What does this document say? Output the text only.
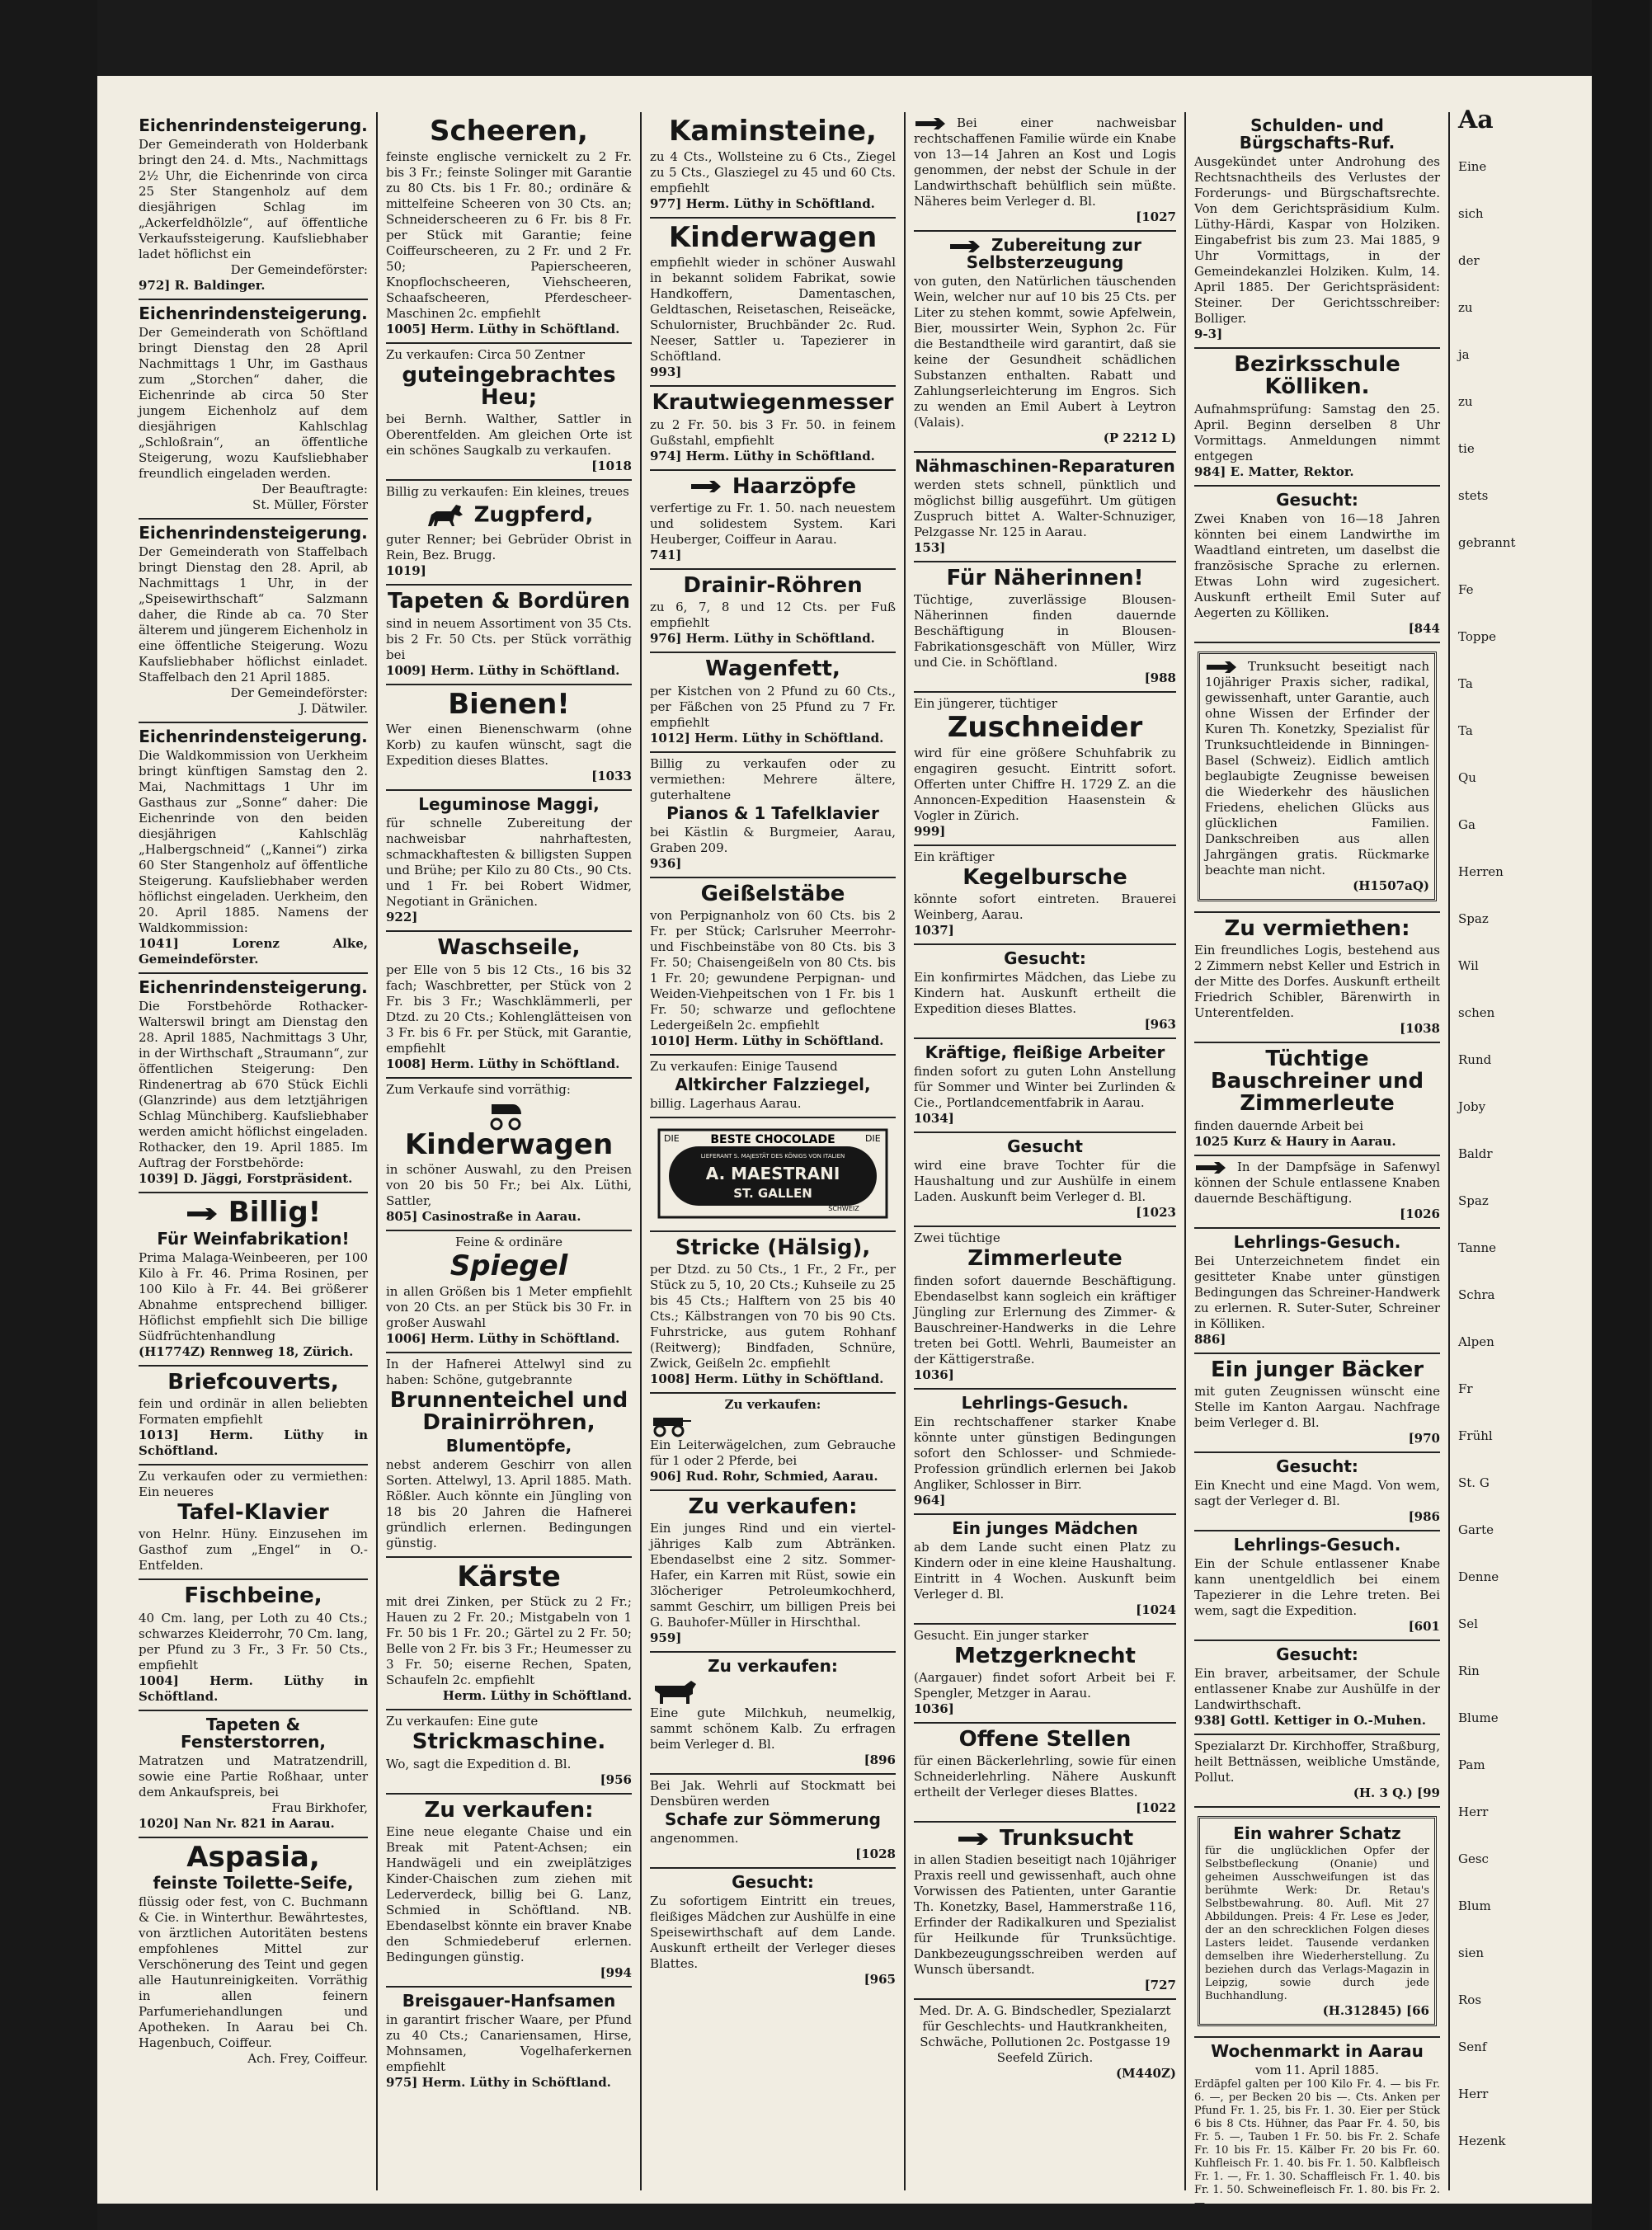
Eichenrindensteigerung.

Der Gemeinderath von Holderbank bringt den 24. d. Mts., Nachmittags 2½ Uhr, die Eichenrinde von circa 25 Ster Stangenholz auf dem diesjährigen Schlag im „Ackerfeldhölzle“, auf öffentliche Verkaufssteigerung. Kaufsliebhaber ladet höflichst ein

Der Gemeindeförster:

972] R. Baldinger.

Eichenrindensteigerung.

Der Gemeinderath von Schöftland bringt Dienstag den 28 April Nachmittags 1 Uhr, im Gasthaus zum „Storchen“ daher, die Eichenrinde ab circa 50 Ster jungem Eichenholz auf dem diesjährigen Kahlschlag „Schloßrain“, an öffentliche Steigerung, wozu Kaufsliebhaber freundlich eingeladen werden.

Der Beauftragte:

St. Müller, Förster

Eichenrindensteigerung.

Der Gemeinderath von Staffelbach bringt Dienstag den 28. April, ab Nachmittags 1 Uhr, in der „Speisewirthschaft“ Salzmann daher, die Rinde ab ca. 70 Ster älterem und jüngerem Eichenholz in eine öffentliche Steigerung. Wozu Kaufsliebhaber höflichst einladet. Staffelbach den 21 April 1885.

Der Gemeindeförster:

J. Dätwiler.

Eichenrindensteigerung.

Die Waldkommission von Uerkheim bringt künftigen Samstag den 2. Mai, Nachmittags 1 Uhr im Gasthaus zur „Sonne“ daher: Die Eichenrinde von den beiden diesjährigen Kahlschläg „Halbergschneid“ („Kannei“) zirka 60 Ster Stangenholz auf öffentliche Steigerung. Kaufsliebhaber werden höflichst eingeladen. Uerkheim, den 20. April 1885. Namens der Waldkommission:

1041] Lorenz Alke, Gemeindeförster.

Eichenrindensteigerung.

Die Forstbehörde Rothacker-Walterswil bringt am Dienstag den 28. April 1885, Nachmittags 3 Uhr, in der Wirthschaft „Straumann“, zur öffentlichen Steigerung: Den Rindenertrag ab 670 Stück Eichli (Glanzrinde) aus dem letztjährigen Schlag Münchiberg. Kaufsliebhaber werden amicht höflichst eingeladen. Rothacker, den 19. April 1885. Im Auftrag der Forstbehörde:

1039] D. Jäggi, Forstpräsident.

Billig!
Für Weinfabrikation!

Prima Malaga-Weinbeeren, per 100 Kilo à Fr. 46. Prima Rosinen, per 100 Kilo à Fr. 44. Bei größerer Abnahme entsprechend billiger. Höflichst empfiehlt sich Die billige Südfrüchtenhandlung

(H1774Z) Rennweg 18, Zürich.

Briefcouverts,

fein und ordinär in allen beliebten Formaten empfiehlt

1013] Herm. Lüthy in Schöftland.

Zu verkaufen oder zu vermiethen: Ein neueres

Tafel-Klavier

von Helnr. Hüny. Einzusehen im Gasthof zum „Engel“ in O.-Entfelden.

Fischbeine,

40 Cm. lang, per Loth zu 40 Cts.; schwarzes Kleiderrohr, 70 Cm. lang, per Pfund zu 3 Fr., 3 Fr. 50 Cts., empfiehlt

1004] Herm. Lüthy in Schöftland.

Tapeten & Fensterstorren,

Matratzen und Matratzendrill, sowie eine Partie Roßhaar, unter dem Ankaufspreis, bei

Frau Birkhofer,

1020] Nan Nr. 821 in Aarau.

Aspasia,
feinste Toilette-Seife,

flüssig oder fest, von C. Buchmann & Cie. in Winterthur. Bewährtestes, von ärztlichen Autoritäten bestens empfohlenes Mittel zur Verschönerung des Teint und gegen alle Hautunreinigkeiten. Vorräthig in allen feinern Parfumeriehandlungen und Apotheken. In Aarau bei Ch. Hagenbuch, Coiffeur.

Ach. Frey, Coiffeur.

Scheeren,

feinste englische vernickelt zu 2 Fr. bis 3 Fr.; feinste Solinger mit Garantie zu 80 Cts. bis 1 Fr. 80.; ordinäre & mittelfeine Scheeren von 30 Cts. an; Schneiderscheeren zu 6 Fr. bis 8 Fr. per Stück mit Garantie; feine Coiffeurscheeren, zu 2 Fr. und 2 Fr. 50; Papierscheeren, Knopflochscheeren, Viehscheeren, Schaafscheeren, Pferdescheer-Maschinen 2c. empfiehlt

1005] Herm. Lüthy in Schöftland.

Zu verkaufen: Circa 50 Zentner

guteingebrachtes Heu;

bei Bernh. Walther, Sattler in Oberentfelden. Am gleichen Orte ist ein schönes Saugkalb zu verkaufen.

[1018

Billig zu verkaufen: Ein kleines, treues

Zugpferd,

guter Renner; bei Gebrüder Obrist in Rein, Bez. Brugg.

1019]

Tapeten & Bordüren

sind in neuem Assortiment von 35 Cts. bis 2 Fr. 50 Cts. per Stück vorräthig bei

1009] Herm. Lüthy in Schöftland.

Bienen!

Wer einen Bienenschwarm (ohne Korb) zu kaufen wünscht, sagt die Expedition dieses Blattes.

[1033

Leguminose Maggi,

für schnelle Zubereitung der nachweisbar nahrhaftesten, schmackhaftesten & billigsten Suppen und Brühe; per Kilo zu 80 Cts., 90 Cts. und 1 Fr. bei Robert Widmer, Negotiant in Gränichen.

922]

Waschseile,

per Elle von 5 bis 12 Cts., 16 bis 32 fach; Waschbretter, per Stück von 2 Fr. bis 3 Fr.; Waschklämmerli, per Dtzd. zu 20 Cts.; Kohlenglätteisen von 3 Fr. bis 6 Fr. per Stück, mit Garantie, empfiehlt

1008] Herm. Lüthy in Schöftland.

Zum Verkaufe sind vorräthig:

Kinderwagen

in schöner Auswahl, zu den Preisen von 20 bis 50 Fr.; bei Alx. Lüthi, Sattler,

805] Casinostraße in Aarau.

Feine & ordinäre

Spiegel

in allen Größen bis 1 Meter empfiehlt von 20 Cts. an per Stück bis 30 Fr. in großer Auswahl

1006] Herm. Lüthy in Schöftland.

In der Hafnerei Attelwyl sind zu haben: Schöne, gutgebrannte

Brunnenteichel und Drainirröhren,
Blumentöpfe,

nebst anderem Geschirr von allen Sorten. Attelwyl, 13. April 1885. Math. Rößler. Auch könnte ein Jüngling von 18 bis 20 Jahren die Hafnerei gründlich erlernen. Bedingungen günstig.

Kärste

mit drei Zinken, per Stück zu 2 Fr.; Hauen zu 2 Fr. 20.; Mistgabeln von 1 Fr. 50 bis 1 Fr. 20.; Gärtel zu 2 Fr. 50; Belle von 2 Fr. bis 3 Fr.; Heumesser zu 3 Fr. 50; eiserne Rechen, Spaten, Schaufeln 2c. empfiehlt

Herm. Lüthy in Schöftland.

Zu verkaufen: Eine gute

Strickmaschine.

Wo, sagt die Expedition d. Bl.

[956

Zu verkaufen:

Eine neue elegante Chaise und ein Break mit Patent-Achsen; ein Handwägeli und ein zweiplätziges Kinder-Chaischen zum ziehen mit Lederverdeck, billig bei G. Lanz, Schmied in Schöftland. NB. Ebendaselbst könnte ein braver Knabe den Schmiedeberuf erlernen. Bedingungen günstig.

[994

Breisgauer-Hanfsamen

in garantirt frischer Waare, per Pfund zu 40 Cts.; Canariensamen, Hirse, Mohnsamen, Vogelhaferkernen empfiehlt

975] Herm. Lüthy in Schöftland.

Kaminsteine,

zu 4 Cts., Wollsteine zu 6 Cts., Ziegel zu 5 Cts., Glasziegel zu 45 und 60 Cts. empfiehlt

977] Herm. Lüthy in Schöftland.

Kinderwagen

empfiehlt wieder in schöner Auswahl in bekannt solidem Fabrikat, sowie Handkoffern, Damentaschen, Geldtaschen, Reisetaschen, Reiseäcke, Schulornister, Bruchbänder 2c. Rud. Neeser, Sattler u. Tapezierer in Schöftland.

993]

Krautwiegenmesser

zu 2 Fr. 50. bis 3 Fr. 50. in feinem Gußstahl, empfiehlt

974] Herm. Lüthy in Schöftland.

Haarzöpfe

verfertige zu Fr. 1. 50. nach neuestem und solidestem System. Kari Heuberger, Coiffeur in Aarau.

741]

Drainir-Röhren

zu 6, 7, 8 und 12 Cts. per Fuß empfiehlt

976] Herm. Lüthy in Schöftland.

Wagenfett,

per Kistchen von 2 Pfund zu 60 Cts., per Fäßchen von 25 Pfund zu 7 Fr. empfiehlt

1012] Herm. Lüthy in Schöftland.

Billig zu verkaufen oder zu vermiethen: Mehrere ältere, guterhaltene

Pianos & 1 Tafelklavier

bei Kästlin & Burgmeier, Aarau, Graben 209.

936]

Geißelstäbe

von Perpignanholz von 60 Cts. bis 2 Fr. per Stück; Carlsruher Meerrohr- und Fischbeinstäbe von 80 Cts. bis 3 Fr. 50; Chaisengeißeln von 80 Cts. bis 1 Fr. 20; gewundene Perpignan- und Weiden-Viehpeitschen von 1 Fr. bis 1 Fr. 50; schwarze und geflochtene Ledergeißeln 2c. empfiehlt

1010] Herm. Lüthy in Schöftland.

Zu verkaufen: Einige Tausend

Altkircher Falzziegel,

billig. Lagerhaus Aarau.

DIE	DIE
BESTE CHOCOLADE
LIEFERANT S. MAJESTÄT DES KÖNIGS VON ITALIEN
A. MAESTRANI
ST. GALLEN
SCHWEIZ
Stricke (Hälsig),

per Dtzd. zu 50 Cts., 1 Fr., 2 Fr., per Stück zu 5, 10, 20 Cts.; Kuhseile zu 25 bis 45 Cts.; Halftern von 25 bis 40 Cts.; Kälbstrangen von 70 bis 90 Cts. Fuhrstricke, aus gutem Rohhanf (Reitwerg); Bindfaden, Schnüre, Zwick, Geißeln 2c. empfiehlt

1008] Herm. Lüthy in Schöftland.

Zu verkaufen:

Ein Leiterwägelchen, zum Gebrauche für 1 oder 2 Pferde, bei

906] Rud. Rohr, Schmied, Aarau.

Zu verkaufen:

Ein junges Rind und ein viertel-jähriges Kalb zum Abtränken. Ebendaselbst eine 2 sitz. Sommer-Hafer, ein Karren mit Rüst, sowie ein 3löcheriger Petroleumkochherd, sammt Geschirr, um billigen Preis bei G. Bauhofer-Müller in Hirschthal.

959]

Zu verkaufen:

Eine gute Milchkuh, neumelkig, sammt schönem Kalb. Zu erfragen beim Verleger d. Bl.

[896

Bei Jak. Wehrli auf Stockmatt bei Densbüren werden

Schafe zur Sömmerung

angenommen.

[1028

Gesucht:

Zu sofortigem Eintritt ein treues, fleißiges Mädchen zur Aushülfe in eine Speisewirthschaft auf dem Lande. Auskunft ertheilt der Verleger dieses Blattes.

[965

Bei einer nachweisbar rechtschaffenen Familie würde ein Knabe von 13—14 Jahren an Kost und Logis genommen, der nebst der Schule in der Landwirthschaft behülflich sein müßte. Näheres beim Verleger d. Bl.

[1027

Zubereitung zur Selbsterzeugung

von guten, den Natürlichen täuschenden Wein, welcher nur auf 10 bis 25 Cts. per Liter zu stehen kommt, sowie Apfelwein, Bier, moussirter Wein, Syphon 2c. Für die Bestandtheile wird garantirt, daß sie keine der Gesundheit schädlichen Substanzen enthalten. Rabatt und Zahlungserleichterung im Engros. Sich zu wenden an Emil Aubert à Leytron (Valais).

(P 2212 L)

Nähmaschinen-Reparaturen

werden stets schnell, pünktlich und möglichst billig ausgeführt. Um gütigen Zuspruch bittet A. Walter-Schnuziger, Pelzgasse Nr. 125 in Aarau.

153]

Für Näherinnen!

Tüchtige, zuverlässige Blousen-Näherinnen finden dauernde Beschäftigung in Blousen-Fabrikationsgeschäft von Müller, Wirz und Cie. in Schöftland.

[988

Ein jüngerer, tüchtiger

Zuschneider

wird für eine größere Schuhfabrik zu engagiren gesucht. Eintritt sofort. Offerten unter Chiffre H. 1729 Z. an die Annoncen-Expedition Haasenstein & Vogler in Zürich.

999]

Ein kräftiger

Kegelbursche

könnte sofort eintreten. Brauerei Weinberg, Aarau.

1037]

Gesucht:

Ein konfirmirtes Mädchen, das Liebe zu Kindern hat. Auskunft ertheilt die Expedition dieses Blattes.

[963

Kräftige, fleißige Arbeiter

finden sofort zu guten Lohn Anstellung für Sommer und Winter bei Zurlinden & Cie., Portlandcementfabrik in Aarau.

1034]

Gesucht

wird eine brave Tochter für die Haushaltung und zur Aushülfe in einem Laden. Auskunft beim Verleger d. Bl.

[1023

Zwei tüchtige

Zimmerleute

finden sofort dauernde Beschäftigung. Ebendaselbst kann sogleich ein kräftiger Jüngling zur Erlernung des Zimmer- & Bauschreiner-Handwerks in die Lehre treten bei Gottl. Wehrli, Baumeister an der Kättigerstraße.

1036]

Lehrlings-Gesuch.

Ein rechtschaffener starker Knabe könnte unter günstigen Bedingungen sofort den Schlosser- und Schmiede-Profession gründlich erlernen bei Jakob Angliker, Schlosser in Birr.

964]

Ein junges Mädchen

ab dem Lande sucht einen Platz zu Kindern oder in eine kleine Haushaltung. Eintritt in 4 Wochen. Auskunft beim Verleger d. Bl.

[1024

Gesucht. Ein junger starker

Metzgerknecht

(Aargauer) findet sofort Arbeit bei F. Spengler, Metzger in Aarau.

1036]

Offene Stellen

für einen Bäckerlehrling, sowie für einen Schneiderlehrling. Nähere Auskunft ertheilt der Verleger dieses Blattes.

[1022

Trunksucht

in allen Stadien beseitigt nach 10jähriger Praxis reell und gewissenhaft, auch ohne Vorwissen des Patienten, unter Garantie Th. Konetzky, Basel, Hammerstraße 116, Erfinder der Radikalkuren und Spezialist für Heilkunde für Trunksüchtige. Dankbezeugungsschreiben werden auf Wunsch übersandt.

[727

Med. Dr. A. G. Bindschedler, Spezialarzt für Geschlechts- und Hautkrankheiten, Schwäche, Pollutionen 2c. Postgasse 19 Seefeld Zürich.

(M440Z)

Schulden- und Bürgschafts-Ruf.

Ausgekündet unter Androhung des Rechtsnachtheils des Verlustes der Forderungs- und Bürgschaftsrechte. Von dem Gerichtspräsidium Kulm. Lüthy-Härdi, Kaspar von Holziken. Eingabefrist bis zum 23. Mai 1885, 9 Uhr Vormittags, in der Gemeindekanzlei Holziken. Kulm, 14. April 1885. Der Gerichtspräsident: Steiner. Der Gerichtsschreiber: Bolliger.

9-3]

Bezirksschule Kölliken.

Aufnahmsprüfung: Samstag den 25. April. Beginn derselben 8 Uhr Vormittags. Anmeldungen nimmt entgegen

984] E. Matter, Rektor.

Gesucht:

Zwei Knaben von 16—18 Jahren könnten bei einem Landwirthe im Waadtland eintreten, um daselbst die französische Sprache zu erlernen. Etwas Lohn wird zugesichert. Auskunft ertheilt Emil Suter auf Aegerten zu Kölliken.

[844

Trunksucht beseitigt nach 10jähriger Praxis sicher, radikal, gewissenhaft, unter Garantie, auch ohne Wissen der Erfinder der Kuren Th. Konetzky, Spezialist für Trunksuchtleidende in Binningen-Basel (Schweiz). Eidlich amtlich beglaubigte Zeugnisse beweisen die Wiederkehr des häuslichen Friedens, ehelichen Glücks aus glücklichen Familien. Dankschreiben aus allen Jahrgängen gratis. Rückmarke beachte man nicht.

(H1507aQ)

Zu vermiethen:

Ein freundliches Logis, bestehend aus 2 Zimmern nebst Keller und Estrich in der Mitte des Dorfes. Auskunft ertheilt Friedrich Schibler, Bärenwirth in Unterentfelden.

[1038

Tüchtige Bauschreiner und Zimmerleute

finden dauernde Arbeit bei

1025 Kurz & Haury in Aarau.

In der Dampfsäge in Safenwyl können der Schule entlassene Knaben dauernde Beschäftigung.

[1026

Lehrlings-Gesuch.

Bei Unterzeichnetem findet ein gesitteter Knabe unter günstigen Bedingungen das Schreiner-Handwerk zu erlernen. R. Suter-Suter, Schreiner in Kölliken.

886]

Ein junger Bäcker

mit guten Zeugnissen wünscht eine Stelle im Kanton Aargau. Nachfrage beim Verleger d. Bl.

[970

Gesucht:

Ein Knecht und eine Magd. Von wem, sagt der Verleger d. Bl.

[986

Lehrlings-Gesuch.

Ein der Schule entlassener Knabe kann unentgeldlich bei einem Tapezierer in die Lehre treten. Bei wem, sagt die Expedition.

[601

Gesucht:

Ein braver, arbeitsamer, der Schule entlassener Knabe zur Aushülfe in der Landwirthschaft.

938] Gottl. Kettiger in O.-Muhen.

Spezialarzt Dr. Kirchhoffer, Straßburg, heilt Bettnässen, weibliche Umstände, Pollut.

(H. 3 Q.) [99

Ein wahrer Schatz

für die unglücklichen Opfer der Selbstbefleckung (Onanie) und geheimen Ausschweifungen ist das berühmte Werk: Dr. Retau's Selbstbewahrung. 80. Aufl. Mit 27 Abbildungen. Preis: 4 Fr. Lese es Jeder, der an den schrecklichen Folgen dieses Lasters leidet. Tausende verdanken demselben ihre Wiederherstellung. Zu beziehen durch das Verlags-Magazin in Leipzig, sowie durch jede Buchhandlung.

(H.312845) [66

Wochenmarkt in Aarau

vom 11. April 1885.

Erdäpfel galten per 100 Kilo Fr. 4. — bis Fr. 6. —, per Becken 20 bis —. Cts. Anken per Pfund Fr. 1. 25, bis Fr. 1. 30. Eier per Stück 6 bis 8 Cts. Hühner, das Paar Fr. 4. 50, bis Fr. 5. —, Tauben 1 Fr. 50. bis Fr. 2. Schafe Fr. 10 bis Fr. 15. Kälber Fr. 20 bis Fr. 60. Kuhfleisch Fr. 1. 40. bis Fr. 1. 50. Kalbfleisch Fr. 1. —, Fr. 1. 30. Schaffleisch Fr. 1. 40. bis Fr. 1. 50. Schweinefleisch Fr. 1. 80. bis Fr. 2. —

Aa

Eine

sich

der

zu

ja

zu

tie

stets

gebrannt

Fe

Toppe

Ta

Ta

Qu

Ga

Herren

Spaz

Wil

schen

Rund

Joby

Baldr

Spaz

Tanne

Schra

Alpen

Fr

Frühl

St. G

Garte

Denne

Sel

Rin

Blume

Pam

Herr

Gesc

Blum

sien

Ros

Senf

Herr

Hezenk
